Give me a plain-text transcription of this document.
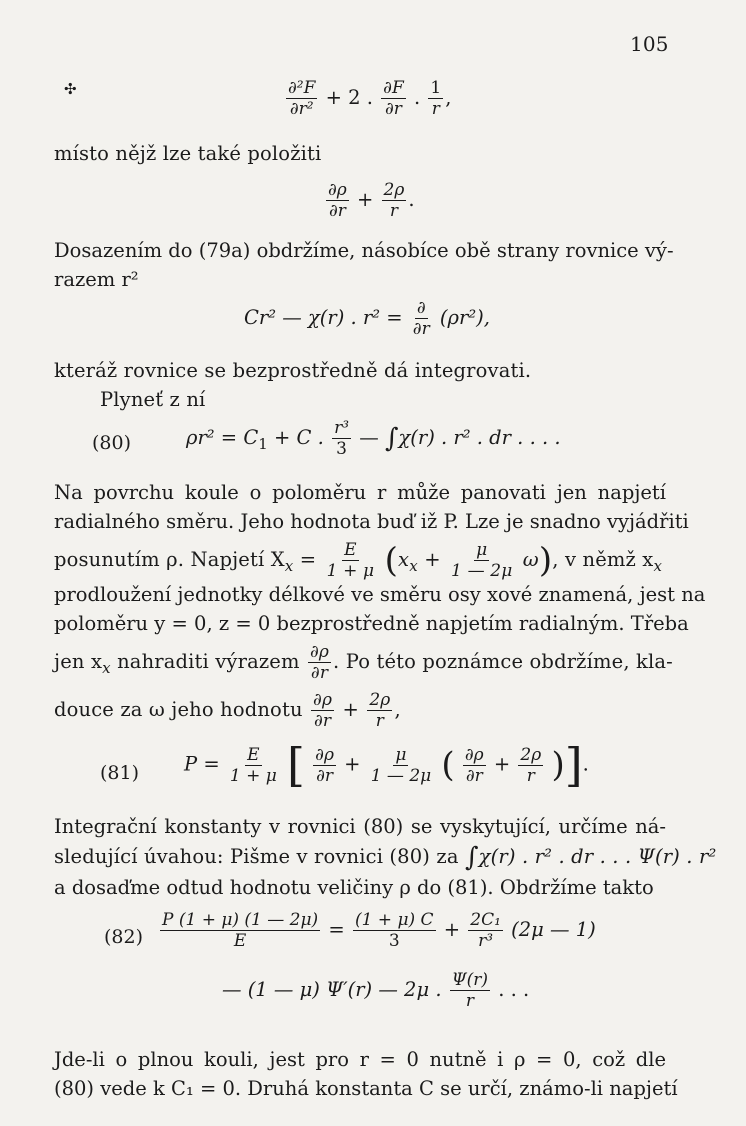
105
✣	$\frac{\text{∂²F}}{\text{∂r²}} + 2$ . $\frac{\partial F}{\partial r}$ . $\frac{1}{r}$ ,
místo nějž lze také položiti
$\frac{\partial\rho}{\partial r} + \frac{2\rho}{r}$ .
Dosazením do (79a) obdržíme, násobíce obě strany rovnice vý-
razem r²
Cr² — χ(r) . $r^2 = \frac{\partial}{\partial r} (\rho r^2)$,
kteráž rovnice se bezprostředně dá integrovati.
Plyneť z ní
(80)	$\rho r^2 = C_1 + C$ . $\frac{\text{r³}}{3}$ — ∫χ(r) . r² . dr . . . .
Na povrchu koule o poloměru r může panovati jen napjetí
radialného směru. Jeho hodnota buď iž P. Lze je snadno vyjádřiti
posunutím ρ. Napjetí $X_x = \frac{E}{1 + \mu} (x_x + \frac{\mu}{1 — 2\mu} \omega)$, v němž $x_x$
prodloužení jednotky délkové ve směru osy xové znamená, jest na
poloměru y = 0, z = 0 bezprostředně napjetím radialným. Třeba
jen $x_x$ nahraditi výrazem $\frac{\partial\rho}{\partial r}$ . Po této poznámce obdržíme, kla-
douce za ω jeho hodnotu $\frac{\partial\rho}{\partial r} + \frac{2\rho}{r}$ ,
(81) $P = \frac{E}{1 + \mu}$ [ $\frac{\partial\rho}{\partial r} + \frac{\mu}{1 — 2\mu}$ ( $\frac{\partial\rho}{\partial r} + \frac{2\rho}{r}$ )].
Integrační konstanty v rovnici (80) se vyskytující, určíme ná-
sledující úvahou: Pišme v rovnici (80) za ∫χ(r) . r² . dr . . . Ψ(r) . r²
a dosaďme odtud hodnotu veličiny ρ do (81). Obdržíme takto
$(82) \frac{P (1 + \mu) (1 — 2\mu)}{E} = \frac{(1 + \mu) C}{3} + \frac{\text{2C₁}}{\text{r³}} (2\mu$ — 1)
— (1 — μ) Ψ′(r) — 2μ . $\frac{\Psi(r)}{r}$ . . .
Jde-li o plnou kouli, jest pro r = 0 nutně i ρ = 0, což dle
(80) vede k C₁ = 0. Druhá konstanta C se určí, známo-li napjetí
